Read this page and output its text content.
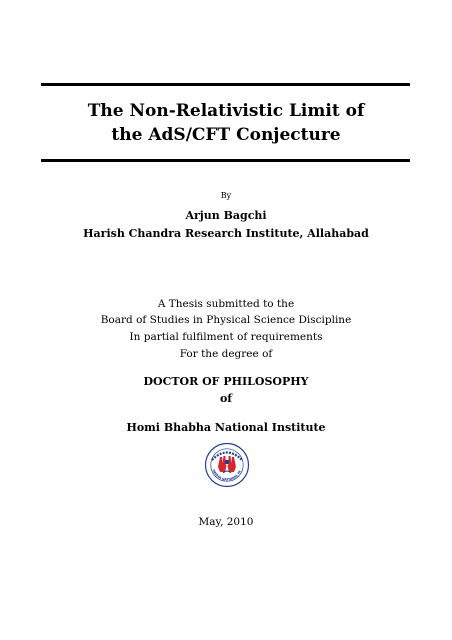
The Non-Relativistic Limit of
the AdS/CFT Conjecture
By
Arjun Bagchi
Harish Chandra Research Institute, Allahabad
A Thesis submitted to the
Board of Studies in Physical Science Discipline
In partial fulfilment of requirements
For the degree of
DOCTOR OF PHILOSOPHY
of
Homi Bhabha National Institute
HABHA NATIONAL IN
May, 2010
